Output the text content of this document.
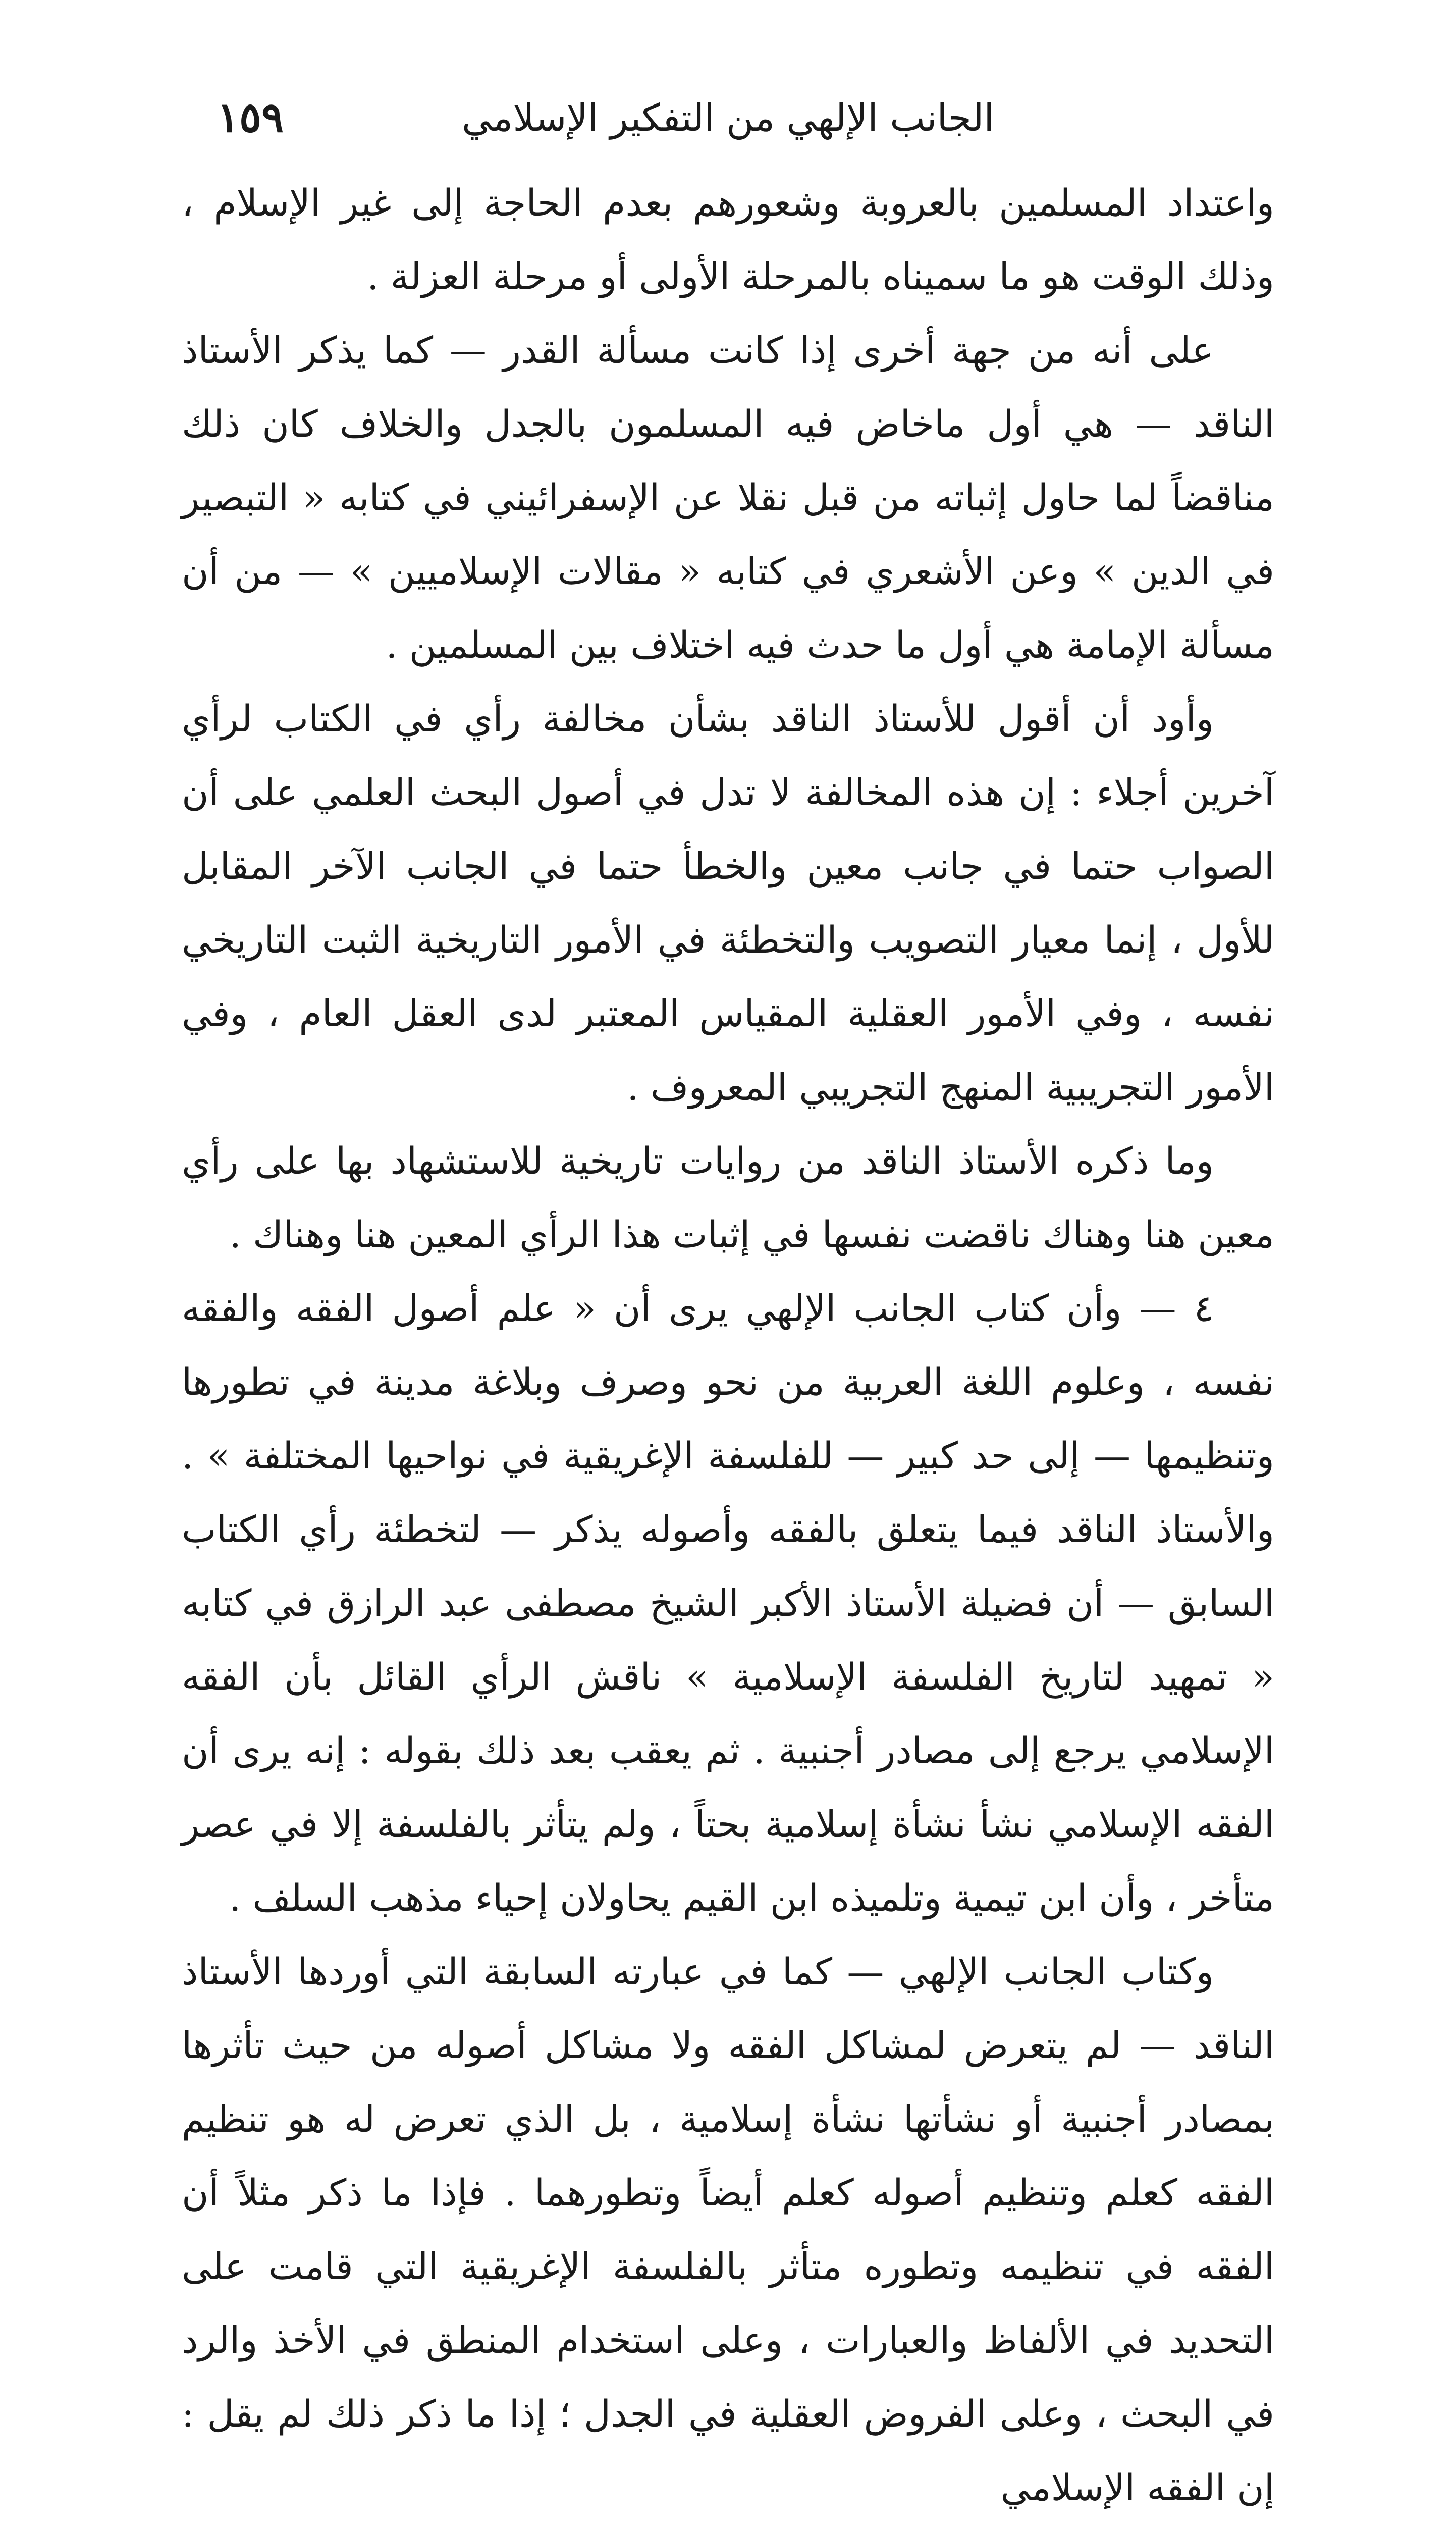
١٥٩	الجانب الإلهي من التفكير الإسلامي

واعتداد المسلمين بالعروبة وشعورهم بعدم الحاجة إلى غير الإسلام ، وذلك الوقت هو ما سميناه بالمرحلة الأولى أو مرحلة العزلة .

على أنه من جهة أخرى إذا كانت مسألة القدر — كما يذكر الأستاذ الناقد — هي أول ماخاض فيه المسلمون بالجدل والخلاف كان ذلك مناقضاً لما حاول إثباته من قبل نقلا عن الإسفرائيني في كتابه « التبصير في الدين » وعن الأشعري في كتابه « مقالات الإسلاميين » — من أن مسألة الإمامة هي أول ما حدث فيه اختلاف بين المسلمين .

وأود أن أقول للأستاذ الناقد بشأن مخالفة رأي في الكتاب لرأي آخرين أجلاء : إن هذه المخالفة لا تدل في أصول البحث العلمي على أن الصواب حتما في جانب معين والخطأ حتما في الجانب الآخر المقابل للأول ، إنما معيار التصويب والتخطئة في الأمور التاريخية الثبت التاريخي نفسه ، وفي الأمور العقلية المقياس المعتبر لدى العقل العام ، وفي الأمور التجريبية المنهج التجريبي المعروف .

وما ذكره الأستاذ الناقد من روايات تاريخية للاستشهاد بها على رأي معين هنا وهناك ناقضت نفسها في إثبات هذا الرأي المعين هنا وهناك .

٤ — وأن كتاب الجانب الإلهي يرى أن « علم أصول الفقه والفقه نفسه ، وعلوم اللغة العربية من نحو وصرف وبلاغة مدينة في تطورها وتنظيمها — إلى حد كبير — للفلسفة الإغريقية في نواحيها المختلفة » . والأستاذ الناقد فيما يتعلق بالفقه وأصوله يذكر — لتخطئة رأي الكتاب السابق — أن فضيلة الأستاذ الأكبر الشيخ مصطفى عبد الرازق في كتابه « تمهيد لتاريخ الفلسفة الإسلامية » ناقش الرأي القائل بأن الفقه الإسلامي يرجع إلى مصادر أجنبية . ثم يعقب بعد ذلك بقوله : إنه يرى أن الفقه الإسلامي نشأ نشأة إسلامية بحتاً ، ولم يتأثر بالفلسفة إلا في عصر متأخر ، وأن ابن تيمية وتلميذه ابن القيم يحاولان إحياء مذهب السلف .

وكتاب الجانب الإلهي — كما في عبارته السابقة التي أوردها الأستاذ الناقد — لم يتعرض لمشاكل الفقه ولا مشاكل أصوله من حيث تأثرها بمصادر أجنبية أو نشأتها نشأة إسلامية ، بل الذي تعرض له هو تنظيم الفقه كعلم وتنظيم أصوله كعلم أيضاً وتطورهما . فإذا ما ذكر مثلاً أن الفقه في تنظيمه وتطوره متأثر بالفلسفة الإغريقية التي قامت على التحديد في الألفاظ والعبارات ، وعلى استخدام المنطق في الأخذ والرد في البحث ، وعلى الفروض العقلية في الجدل ؛ إذا ما ذكر ذلك لم يقل : إن الفقه الإسلامي
